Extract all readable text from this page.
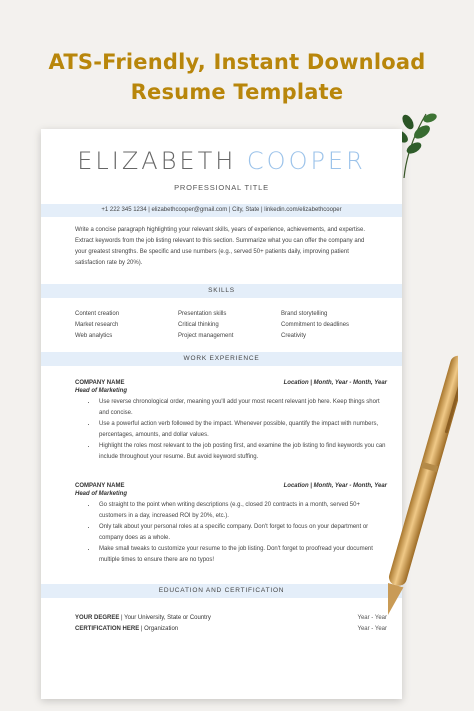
ATS-Friendly, Instant Download
Resume Template
ELIZABETH COOPER
PROFESSIONAL TITLE
+1 222 345 1234 | elizabethcooper@gmail.com | City, State | linkedin.com/elizabethcooper
Write a concise paragraph highlighting your relevant skills, years of experience, achievements, and expertise. Extract keywords from the job listing relevant to this section. Summarize what you can offer the company and your greatest strengths. Be specific and use numbers (e.g., served 50+ patients daily, improving patient satisfaction rate by 20%).
SKILLS
Content creation	Presentation skills	Brand storytelling
Market research	Critical thinking	Commitment to deadlines
Web analytics	Project management	Creativity
WORK EXPERIENCE
COMPANY NAME	Location | Month, Year - Month, Year
Head of Marketing
• Use reverse chronological order, meaning you'll add your most recent relevant job here. Keep things short and concise.
• Use a powerful action verb followed by the impact. Whenever possible, quantify the impact with numbers, percentages, amounts, and dollar values.
• Highlight the roles most relevant to the job posting first, and examine the job listing to find keywords you can include throughout your resume. But avoid keyword stuffing.
COMPANY NAME	Location | Month, Year - Month, Year
Head of Marketing
• Go straight to the point when writing descriptions (e.g., closed 20 contracts in a month, served 50+ customers in a day, increased ROI by 20%, etc.).
• Only talk about your personal roles at a specific company. Don't forget to focus on your department or company does as a whole.
• Make small tweaks to customize your resume to the job listing. Don't forget to proofread your document multiple times to ensure there are no typos!
EDUCATION AND CERTIFICATION
YOUR DEGREE | Your University, State or Country	Year - Year
CERTIFICATION HERE | Organization	Year - Year
